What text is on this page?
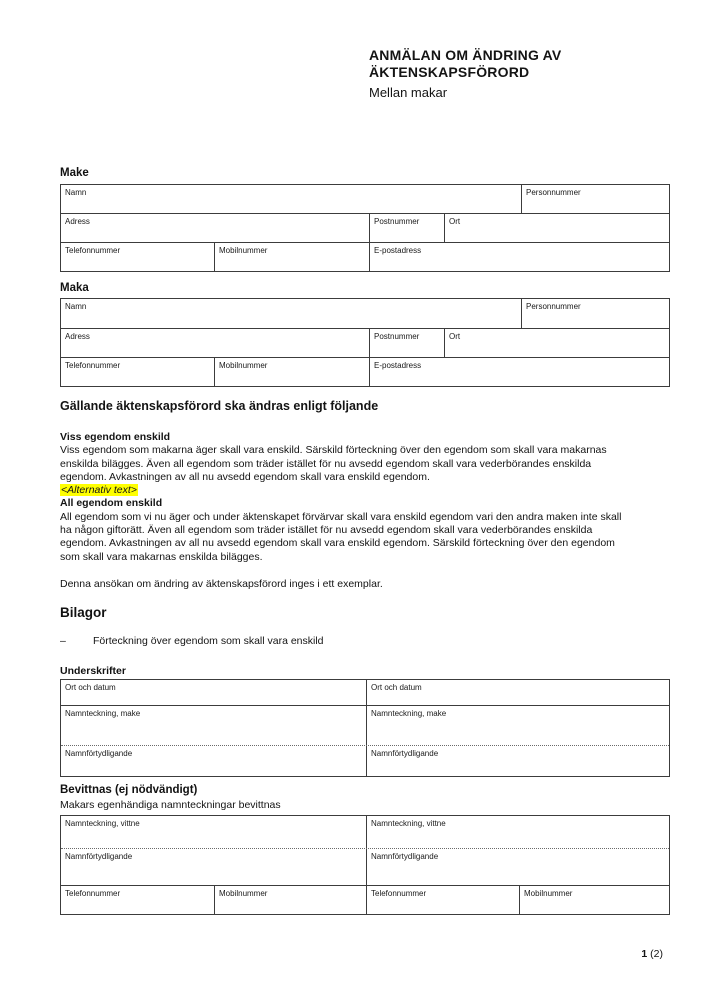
ANMÄLAN OM ÄNDRING AV
ÄKTENSKAPSFÖRORD
Mellan makar
Make
Namn	Personnummer
Adress	Postnummer	Ort
Telefonnummer	Mobilnummer	E-postadress
Maka
Namn	Personnummer
Adress	Postnummer	Ort
Telefonnummer	Mobilnummer	E-postadress
Gällande äktenskapsförord ska ändras enligt följande
Viss egendom enskild

Viss egendom som makarna äger skall vara enskild. Särskild förteckning över den egendom som skall vara makarnas enskilda bilägges. Även all egendom som träder istället för nu avsedd egendom skall vara vederbörandes enskilda egendom. Avkastningen av all nu avsedd egendom skall vara enskild egendom.

<Alternativ text>
All egendom enskild

All egendom som vi nu äger och under äktenskapet förvärvar skall vara enskild egendom vari den andra maken inte skall ha någon giftorätt. Även all egendom som träder istället för nu avsedd egendom skall vara vederbörandes enskilda egendom. Avkastningen av all nu avsedd egendom skall vara enskild egendom. Särskild förteckning över den egendom som skall vara makarnas enskilda bilägges.

Denna ansökan om ändring av äktenskapsförord inges i ett exemplar.

Bilagor
–	Förteckning över egendom som skall vara enskild
Underskrifter
Ort och datum	Ort och datum
Namnteckning, make	Namnteckning, make
Namnförtydligande	Namnförtydligande
Bevittnas (ej nödvändigt)
Makars egenhändiga namnteckningar bevittnas
Namnteckning, vittne	Namnteckning, vittne
Namnförtydligande	Namnförtydligande
Telefonnummer	Mobilnummer	Telefonnummer	Mobilnummer
1 (2)
